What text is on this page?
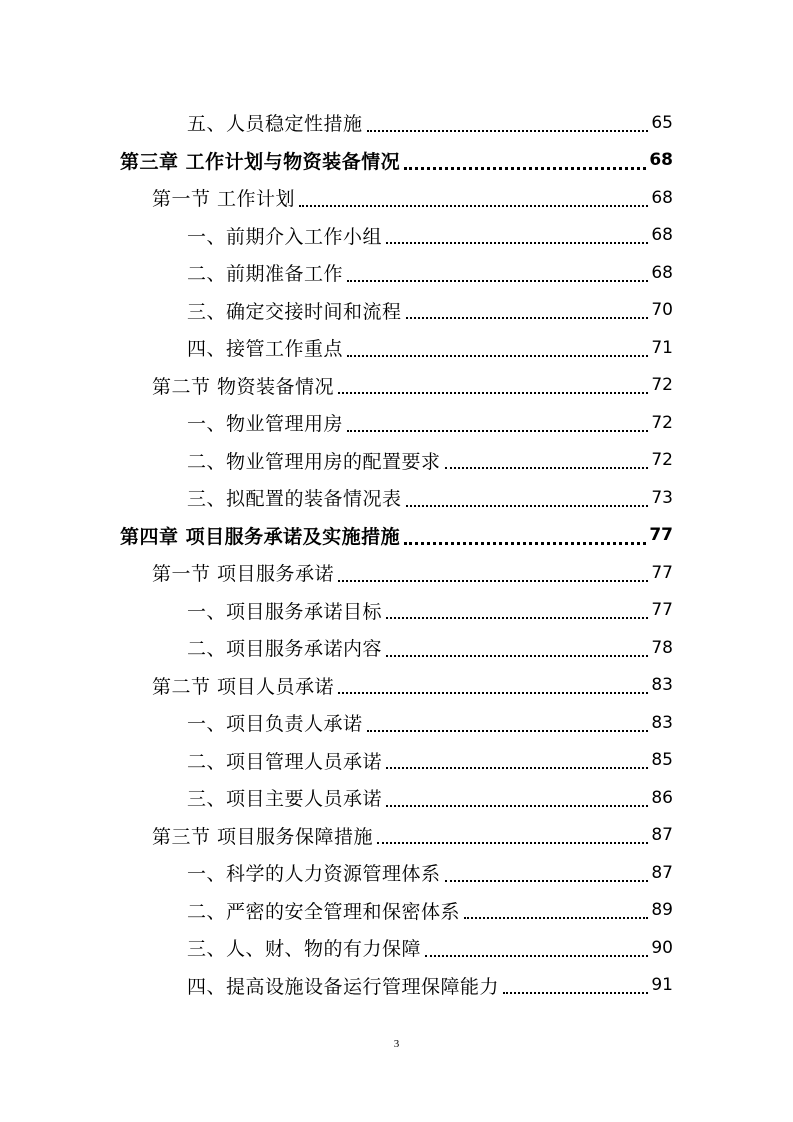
五、人员稳定性措施	65
第三章 工作计划与物资装备情况	68
第一节 工作计划	68
一、前期介入工作小组	68
二、前期准备工作	68
三、确定交接时间和流程	70
四、接管工作重点	71
第二节 物资装备情况	72
一、物业管理用房	72
二、物业管理用房的配置要求	72
三、拟配置的装备情况表	73
第四章 项目服务承诺及实施措施	77
第一节 项目服务承诺	77
一、项目服务承诺目标	77
二、项目服务承诺内容	78
第二节 项目人员承诺	83
一、项目负责人承诺	83
二、项目管理人员承诺	85
三、项目主要人员承诺	86
第三节 项目服务保障措施	87
一、科学的人力资源管理体系	87
二、严密的安全管理和保密体系	89
三、人、财、物的有力保障	90
四、提高设施设备运行管理保障能力	91
3
